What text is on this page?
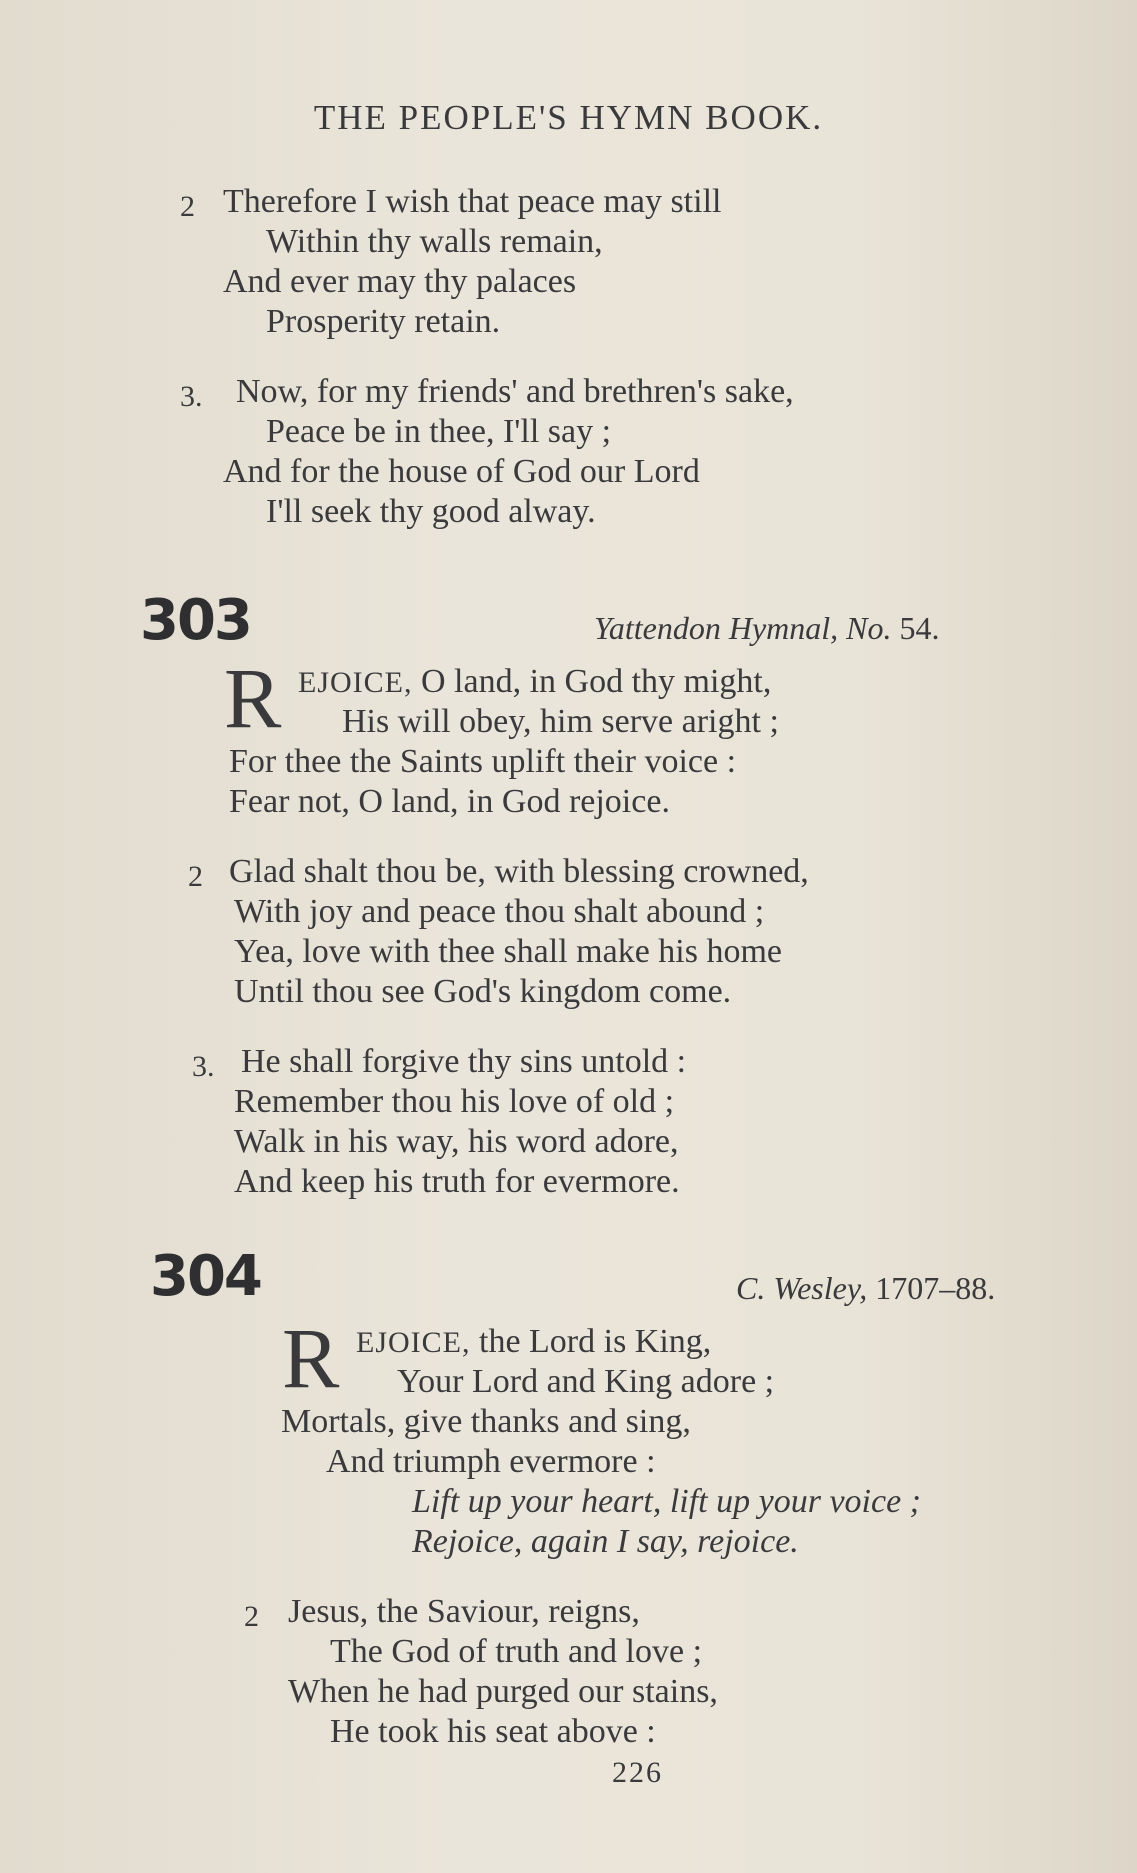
THE PEOPLE'S HYMN BOOK.
2 Therefore I wish that peace may still
Within thy walls remain,
And ever may thy palaces
Prosperity retain.
3. Now, for my friends' and brethren's sake,
Peace be in thee, I'll say ;
And for the house of God our Lord
I'll seek thy good alway.
303	Yattendon Hymnal, No. 54.
R EJOICE, O land, in God thy might,
His will obey, him serve aright ;
For thee the Saints uplift their voice :
Fear not, O land, in God rejoice.
2 Glad shalt thou be, with blessing crowned,
With joy and peace thou shalt abound ;
Yea, love with thee shall make his home
Until thou see God's kingdom come.
3. He shall forgive thy sins untold :
Remember thou his love of old ;
Walk in his way, his word adore,
And keep his truth for evermore.
304	C. Wesley, 1707–88.
R EJOICE, the Lord is King,
Your Lord and King adore ;
Mortals, give thanks and sing,
And triumph evermore :
Lift up your heart, lift up your voice ;
Rejoice, again I say, rejoice.
2 Jesus, the Saviour, reigns,
The God of truth and love ;
When he had purged our stains,
He took his seat above :
226
